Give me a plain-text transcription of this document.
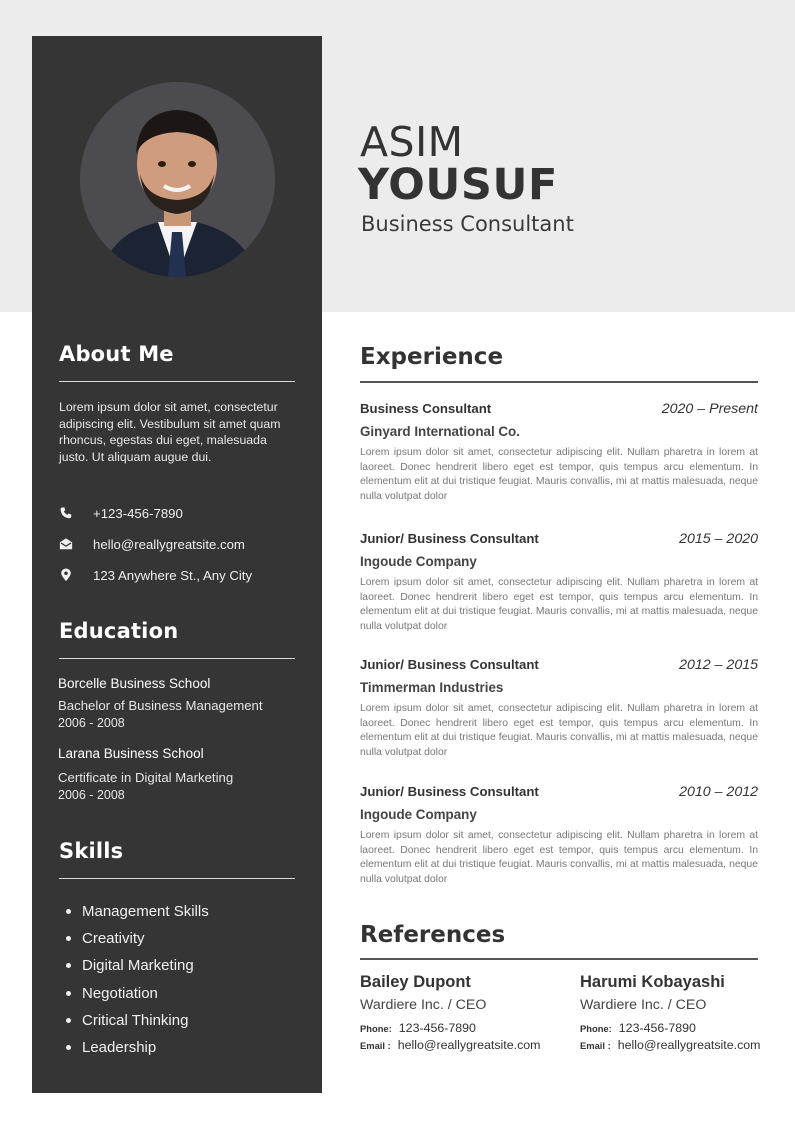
About Me
Lorem ipsum dolor sit amet, consectetur adipiscing elit. Vestibulum sit amet quam rhoncus, egestas dui eget, malesuada justo. Ut aliquam augue dui.
+123-456-7890
hello@reallygreatsite.com
123 Anywhere St., Any City
Education
Borcelle Business School
Bachelor of Business Management
2006 - 2008
Larana Business School
Certificate in Digital Marketing
2006 - 2008
Skills
Management Skills
Creativity
Digital Marketing
Negotiation
Critical Thinking
Leadership
ASIM
YOUSUF
Business Consultant
Experience
Business Consultant	2020 – Present
Ginyard International Co.
Lorem ipsum dolor sit amet, consectetur adipiscing elit. Nullam pharetra in lorem at laoreet. Donec hendrerit libero eget est tempor, quis tempus arcu elementum. In elementum elit at dui tristique feugiat. Mauris convallis, mi at mattis malesuada, neque nulla volutpat dolor
Junior/ Business Consultant	2015 – 2020
Ingoude Company
Lorem ipsum dolor sit amet, consectetur adipiscing elit. Nullam pharetra in lorem at laoreet. Donec hendrerit libero eget est tempor, quis tempus arcu elementum. In elementum elit at dui tristique feugiat. Mauris convallis, mi at mattis malesuada, neque nulla volutpat dolor
Junior/ Business Consultant	2012 – 2015
Timmerman Industries
Lorem ipsum dolor sit amet, consectetur adipiscing elit. Nullam pharetra in lorem at laoreet. Donec hendrerit libero eget est tempor, quis tempus arcu elementum. In elementum elit at dui tristique feugiat. Mauris convallis, mi at mattis malesuada, neque nulla volutpat dolor
Junior/ Business Consultant	2010 – 2012
Ingoude Company
Lorem ipsum dolor sit amet, consectetur adipiscing elit. Nullam pharetra in lorem at laoreet. Donec hendrerit libero eget est tempor, quis tempus arcu elementum. In elementum elit at dui tristique feugiat. Mauris convallis, mi at mattis malesuada, neque nulla volutpat dolor
References
Bailey Dupont
Wardiere Inc. / CEO
Phone: 123-456-7890
Email : hello@reallygreatsite.com
Harumi Kobayashi
Wardiere Inc. / CEO
Phone: 123-456-7890
Email : hello@reallygreatsite.com
